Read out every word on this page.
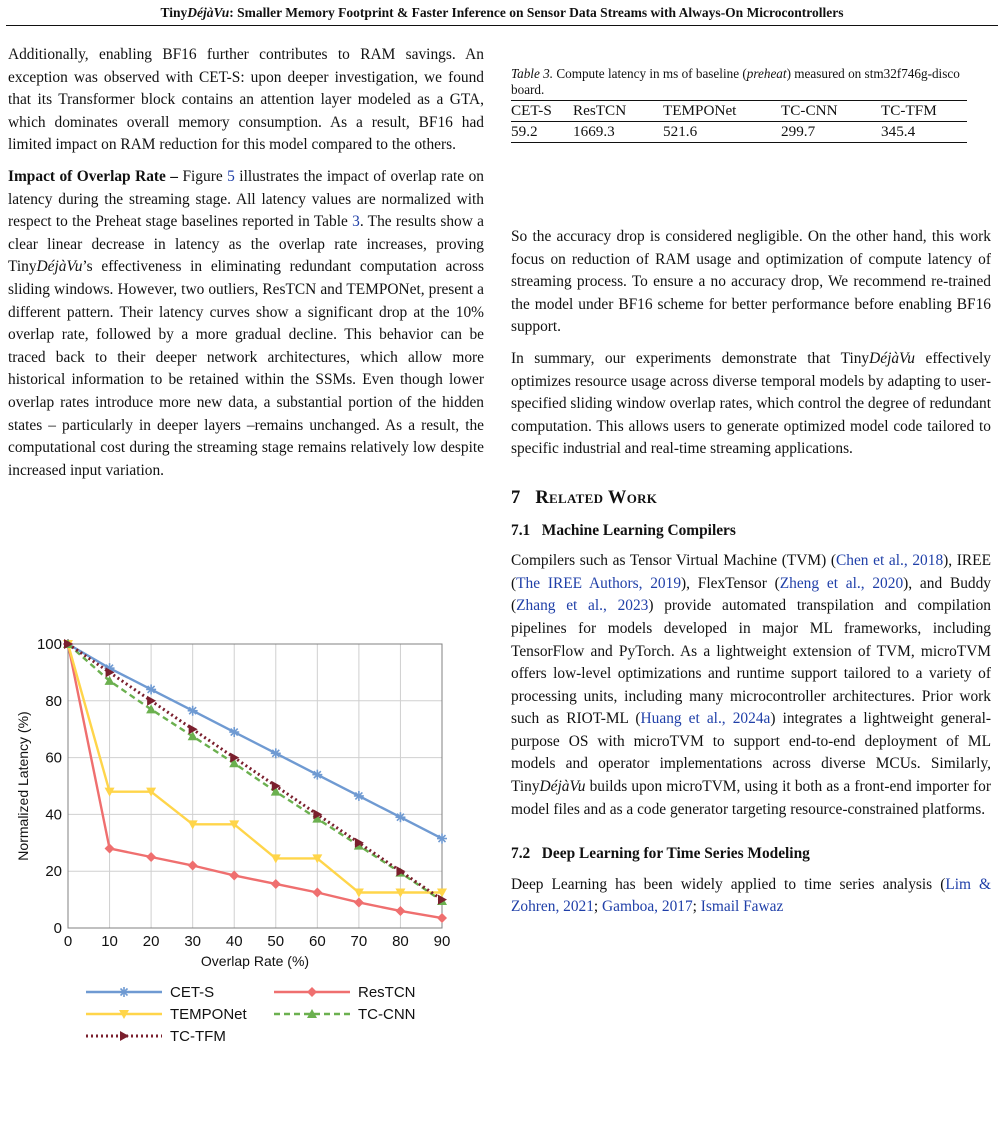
TinyDéjàVu: Smaller Memory Footprint & Faster Inference on Sensor Data Streams with Always-On Microcontrollers

Additionally, enabling BF16 further contributes to RAM savings. An exception was observed with CET-S: upon deeper investigation, we found that its Transformer block contains an attention layer modeled as a GTA, which dominates overall memory consumption. As a result, BF16 had limited impact on RAM reduction for this model compared to the others.

Impact of Overlap Rate – Figure 5 illustrates the impact of overlap rate on latency during the streaming stage. All latency values are normalized with respect to the Preheat stage baselines reported in Table 3. The results show a clear linear decrease in latency as the overlap rate increases, proving TinyDéjàVu’s effectiveness in eliminating redundant computation across sliding windows. However, two outliers, ResTCN and TEMPONet, present a different pattern. Their latency curves show a significant drop at the 10% overlap rate, followed by a more gradual decline. This behavior can be traced back to their deeper network architectures, which allow more historical information to be retained within the SSMs. Even though lower overlap rates introduce more new data, a substantial portion of the hidden states – particularly in deeper layers –remains unchanged. As a result, the computational cost during the streaming stage remains relatively low despite increased input variation.

0
20
40
60
80
100
0 10 20 30 40 50 60 70 80 90
Overlap Rate (%)
Normalized Latency (%)
CET-S	ResTCN
TEMPONet	TC-CNN
TC-TFM
Table 3. Compute latency in ms of baseline (preheat) measured on stm32f746g-disco board.
CET-S	ResTCN	TEMPONet	TC-CNN	TC-TFM
59.2	1669.3	521.6	299.7	345.4

So the accuracy drop is considered negligible. On the other hand, this work focus on reduction of RAM usage and optimization of compute latency of streaming process. To ensure a no accuracy drop, We recommend re-trained the model under BF16 scheme for better performance before enabling BF16 support.

In summary, our experiments demonstrate that TinyDéjàVu effectively optimizes resource usage across diverse temporal models by adapting to user-specified sliding window overlap rates, which control the degree of redundant computation. This allows users to generate optimized model code tailored to specific industrial and real-time streaming applications.

7 Related Work
7.1 Machine Learning Compilers

Compilers such as Tensor Virtual Machine (TVM) (Chen et al., 2018), IREE (The IREE Authors, 2019), FlexTensor (Zheng et al., 2020), and Buddy (Zhang et al., 2023) provide automated transpilation and compilation pipelines for models developed in major ML frameworks, including TensorFlow and PyTorch. As a lightweight extension of TVM, microTVM offers low-level optimizations and runtime support tailored to a variety of processing units, including many microcontroller architectures. Prior work such as RIOT-ML (Huang et al., 2024a) integrates a lightweight general-purpose OS with microTVM to support end-to-end deployment of ML models and operator implementations across diverse MCUs. Similarly, TinyDéjàVu builds upon microTVM, using it both as a front-end importer for model files and as a code generator targeting resource-constrained platforms.

7.2 Deep Learning for Time Series Modeling

Deep Learning has been widely applied to time series analysis (Lim & Zohren, 2021; Gamboa, 2017; Ismail Fawaz
